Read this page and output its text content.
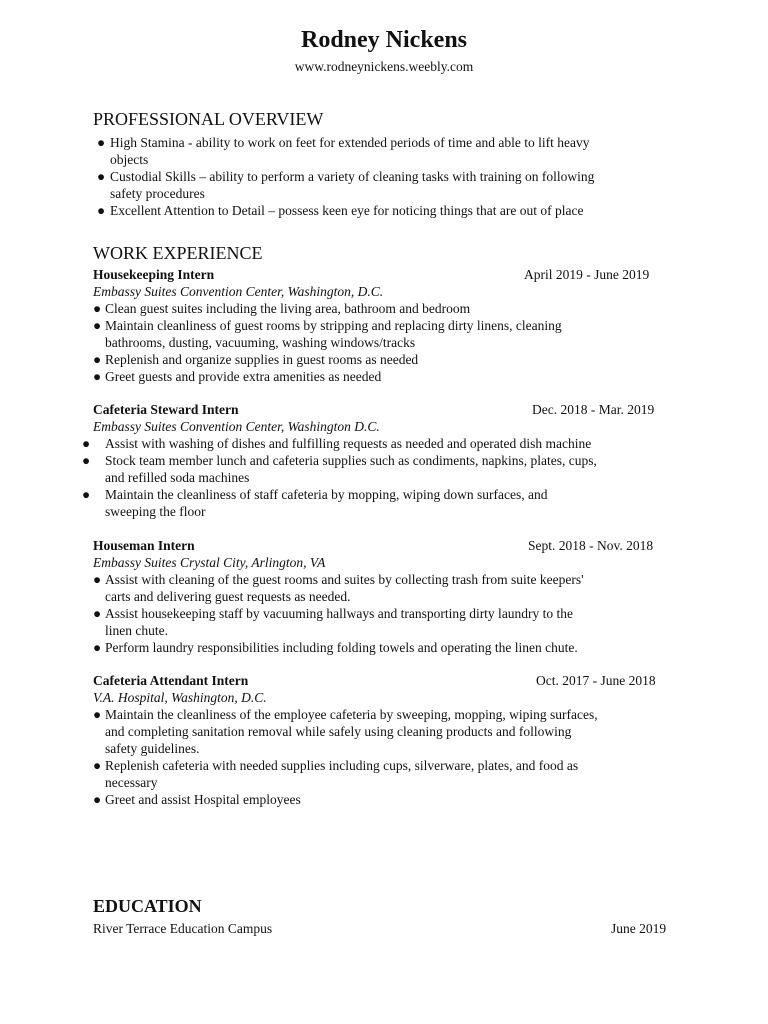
Rodney Nickens
www.rodneynickens.weebly.com
PROFESSIONAL OVERVIEW
● High Stamina - ability to work on feet for extended periods of time and able to lift heavy
objects
● Custodial Skills – ability to perform a variety of cleaning tasks with training on following
safety procedures
● Excellent Attention to Detail – possess keen eye for noticing things that are out of place
WORK EXPERIENCE
Housekeeping Intern	April 2019 - June 2019
Embassy Suites Convention Center, Washington, D.C.
● Clean guest suites including the living area, bathroom and bedroom
● Maintain cleanliness of guest rooms by stripping and replacing dirty linens, cleaning
bathrooms, dusting, vacuuming, washing windows/tracks
● Replenish and organize supplies in guest rooms as needed
● Greet guests and provide extra amenities as needed
Cafeteria Steward Intern	Dec. 2018 - Mar. 2019
Embassy Suites Convention Center, Washington D.C.
● Assist with washing of dishes and fulfilling requests as needed and operated dish machine
● Stock team member lunch and cafeteria supplies such as condiments, napkins, plates, cups,
and refilled soda machines
● Maintain the cleanliness of staff cafeteria by mopping, wiping down surfaces, and
sweeping the floor
Houseman Intern	Sept. 2018 - Nov. 2018
Embassy Suites Crystal City, Arlington, VA
● Assist with cleaning of the guest rooms and suites by collecting trash from suite keepers'
carts and delivering guest requests as needed.
● Assist housekeeping staff by vacuuming hallways and transporting dirty laundry to the
linen chute.
● Perform laundry responsibilities including folding towels and operating the linen chute.
Cafeteria Attendant Intern	Oct. 2017 - June 2018
V.A. Hospital, Washington, D.C.
● Maintain the cleanliness of the employee cafeteria by sweeping, mopping, wiping surfaces,
and completing sanitation removal while safely using cleaning products and following
safety guidelines.
● Replenish cafeteria with needed supplies including cups, silverware, plates, and food as
necessary
● Greet and assist Hospital employees
EDUCATION
River Terrace Education Campus	June 2019
